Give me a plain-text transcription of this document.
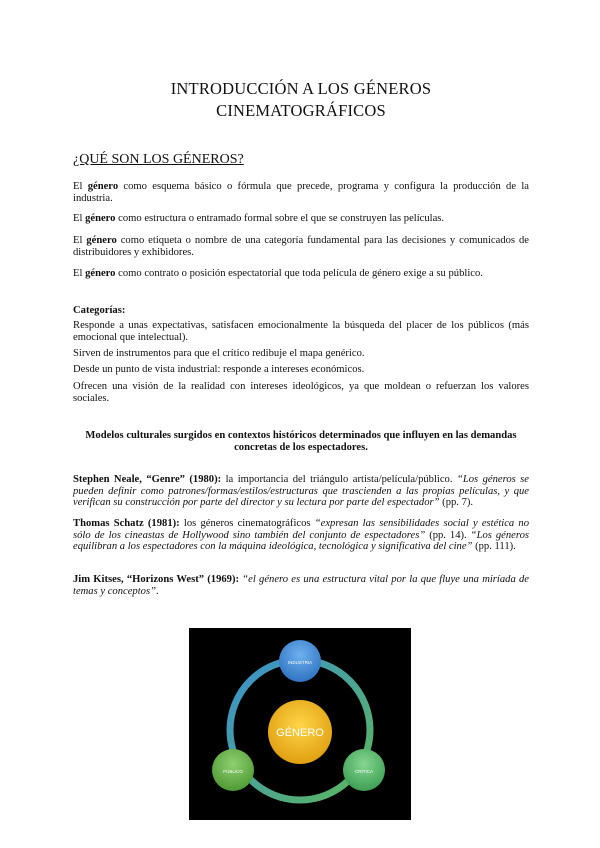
INTRODUCCIÓN A LOS GÉNEROS
CINEMATOGRÁFICOS
¿QUÉ SON LOS GÉNEROS?
El género como esquema básico o fórmula que precede, programa y configura la producción de la industria.
El género como estructura o entramado formal sobre el que se construyen las películas.
El género como etiqueta o nombre de una categoría fundamental para las decisiones y comunicados de distribuidores y exhibidores.
El género como contrato o posición espectatorial que toda película de género exige a su público.
Categorías:
Responde a unas expectativas, satisfacen emocionalmente la búsqueda del placer de los públicos (más emocional que intelectual).
Sirven de instrumentos para que el crítico redibuje el mapa genérico.
Desde un punto de vista industrial: responde a intereses económicos.
Ofrecen una visión de la realidad con intereses ideológicos, ya que moldean o refuerzan los valores sociales.
Modelos culturales surgidos en contextos históricos determinados que influyen en las demandas concretas de los espectadores.
Stephen Neale, “Genre” (1980): la importancia del triángulo artista/película/público. “Los géneros se pueden definir como patrones/formas/estilos/estructuras que trascienden a las propias películas, y que verifican su construcción por parte del director y su lectura por parte del espectador” (pp. 7).
Thomas Schatz (1981): los géneros cinematográficos “expresan las sensibilidades social y estética no sólo de los cineastas de Hollywood sino también del conjunto de espectadores” (pp. 14). “Los géneros equilibran a los espectadores con la máquina ideológica, tecnológica y significativa del cine” (pp. 111).
Jim Kitses, “Horizons West” (1969): “el género es una estructura vital por la que fluye una miríada de temas y conceptos”.
GÉNERO
INDUSTRIA
PÚBLICO	CRÍTICA
